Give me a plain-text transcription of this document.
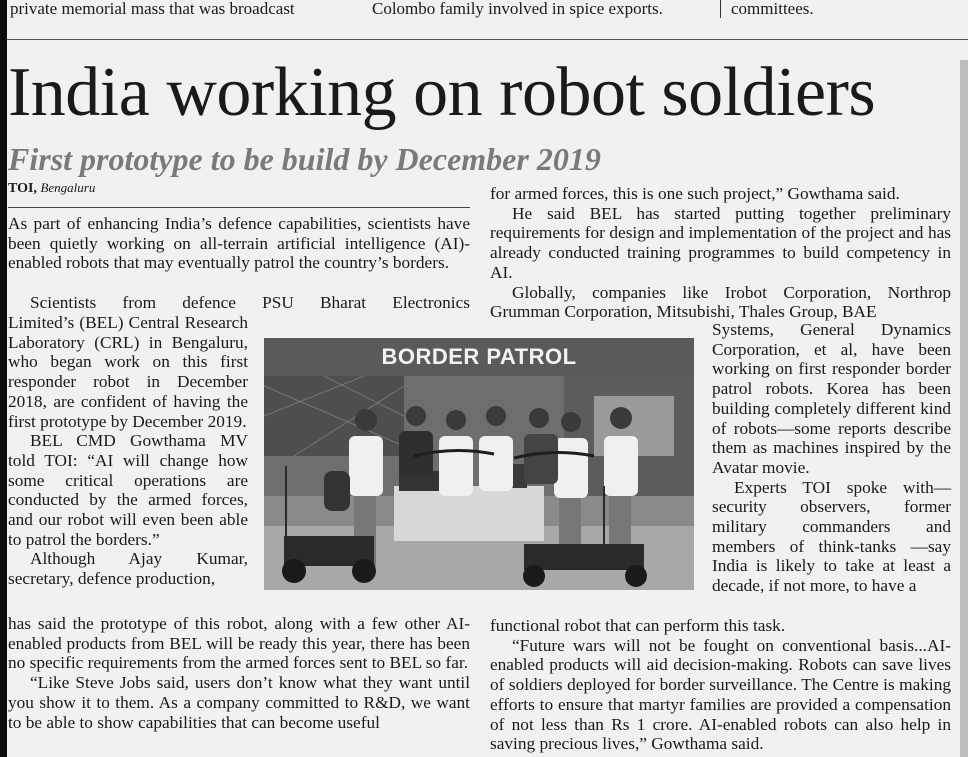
private memorial mass that was broadcast	Colombo family involved in spice exports.	committees.
India working on robot soldiers
First prototype to be build by December 2019
TOI, Bengaluru

As part of enhancing India’s defence capabilities, scientists have been quietly working on all-terrain artificial intelligence (AI)-enabled robots that may eventually patrol the country’s borders.

Scientists from defence PSU Bharat Electronics

Limited’s (BEL) Central Research Laboratory (CRL) in Bengaluru, who began work on this first responder robot in December 2018, are confident of having the first prototype by December 2019.

BEL CMD Gowthama MV told TOI: “AI will change how some critical operations are conducted by the armed forces, and our robot will even been able to patrol the borders.”

Although Ajay Kumar, secretary, defence production,

has said the prototype of this robot, along with a few other AI-enabled products from BEL will be ready this year, there has been no specific requirements from the armed forces sent to BEL so far.

“Like Steve Jobs said, users don’t know what they want until you show it to them. As a company committed to R&D, we want to be able to show capabilities that can become useful

for armed forces, this is one such project,” Gowthama said.

He said BEL has started putting together preliminary requirements for design and implementation of the project and has already conducted training programmes to build competency in AI.

Globally, companies like Irobot Corporation, Northrop Grumman Corporation, Mitsubishi, Thales Group, BAE

Systems, General Dynamics Corporation, et al, have been working on first responder border patrol robots. Korea has been building completely different kind of robots—some reports describe them as machines inspired by the Avatar movie.

Experts TOI spoke with—security observers, former military commanders and members of think-tanks —say India is likely to take at least a decade, if not more, to have a

functional robot that can perform this task.

“Future wars will not be fought on conventional basis...AI-enabled products will aid decision-making. Robots can save lives of soldiers deployed for border surveillance. The Centre is making efforts to ensure that martyr families are provided a compensation of not less than Rs 1 crore. AI-enabled robots can also help in saving precious lives,” Gowthama said.

BORDER PATROL
